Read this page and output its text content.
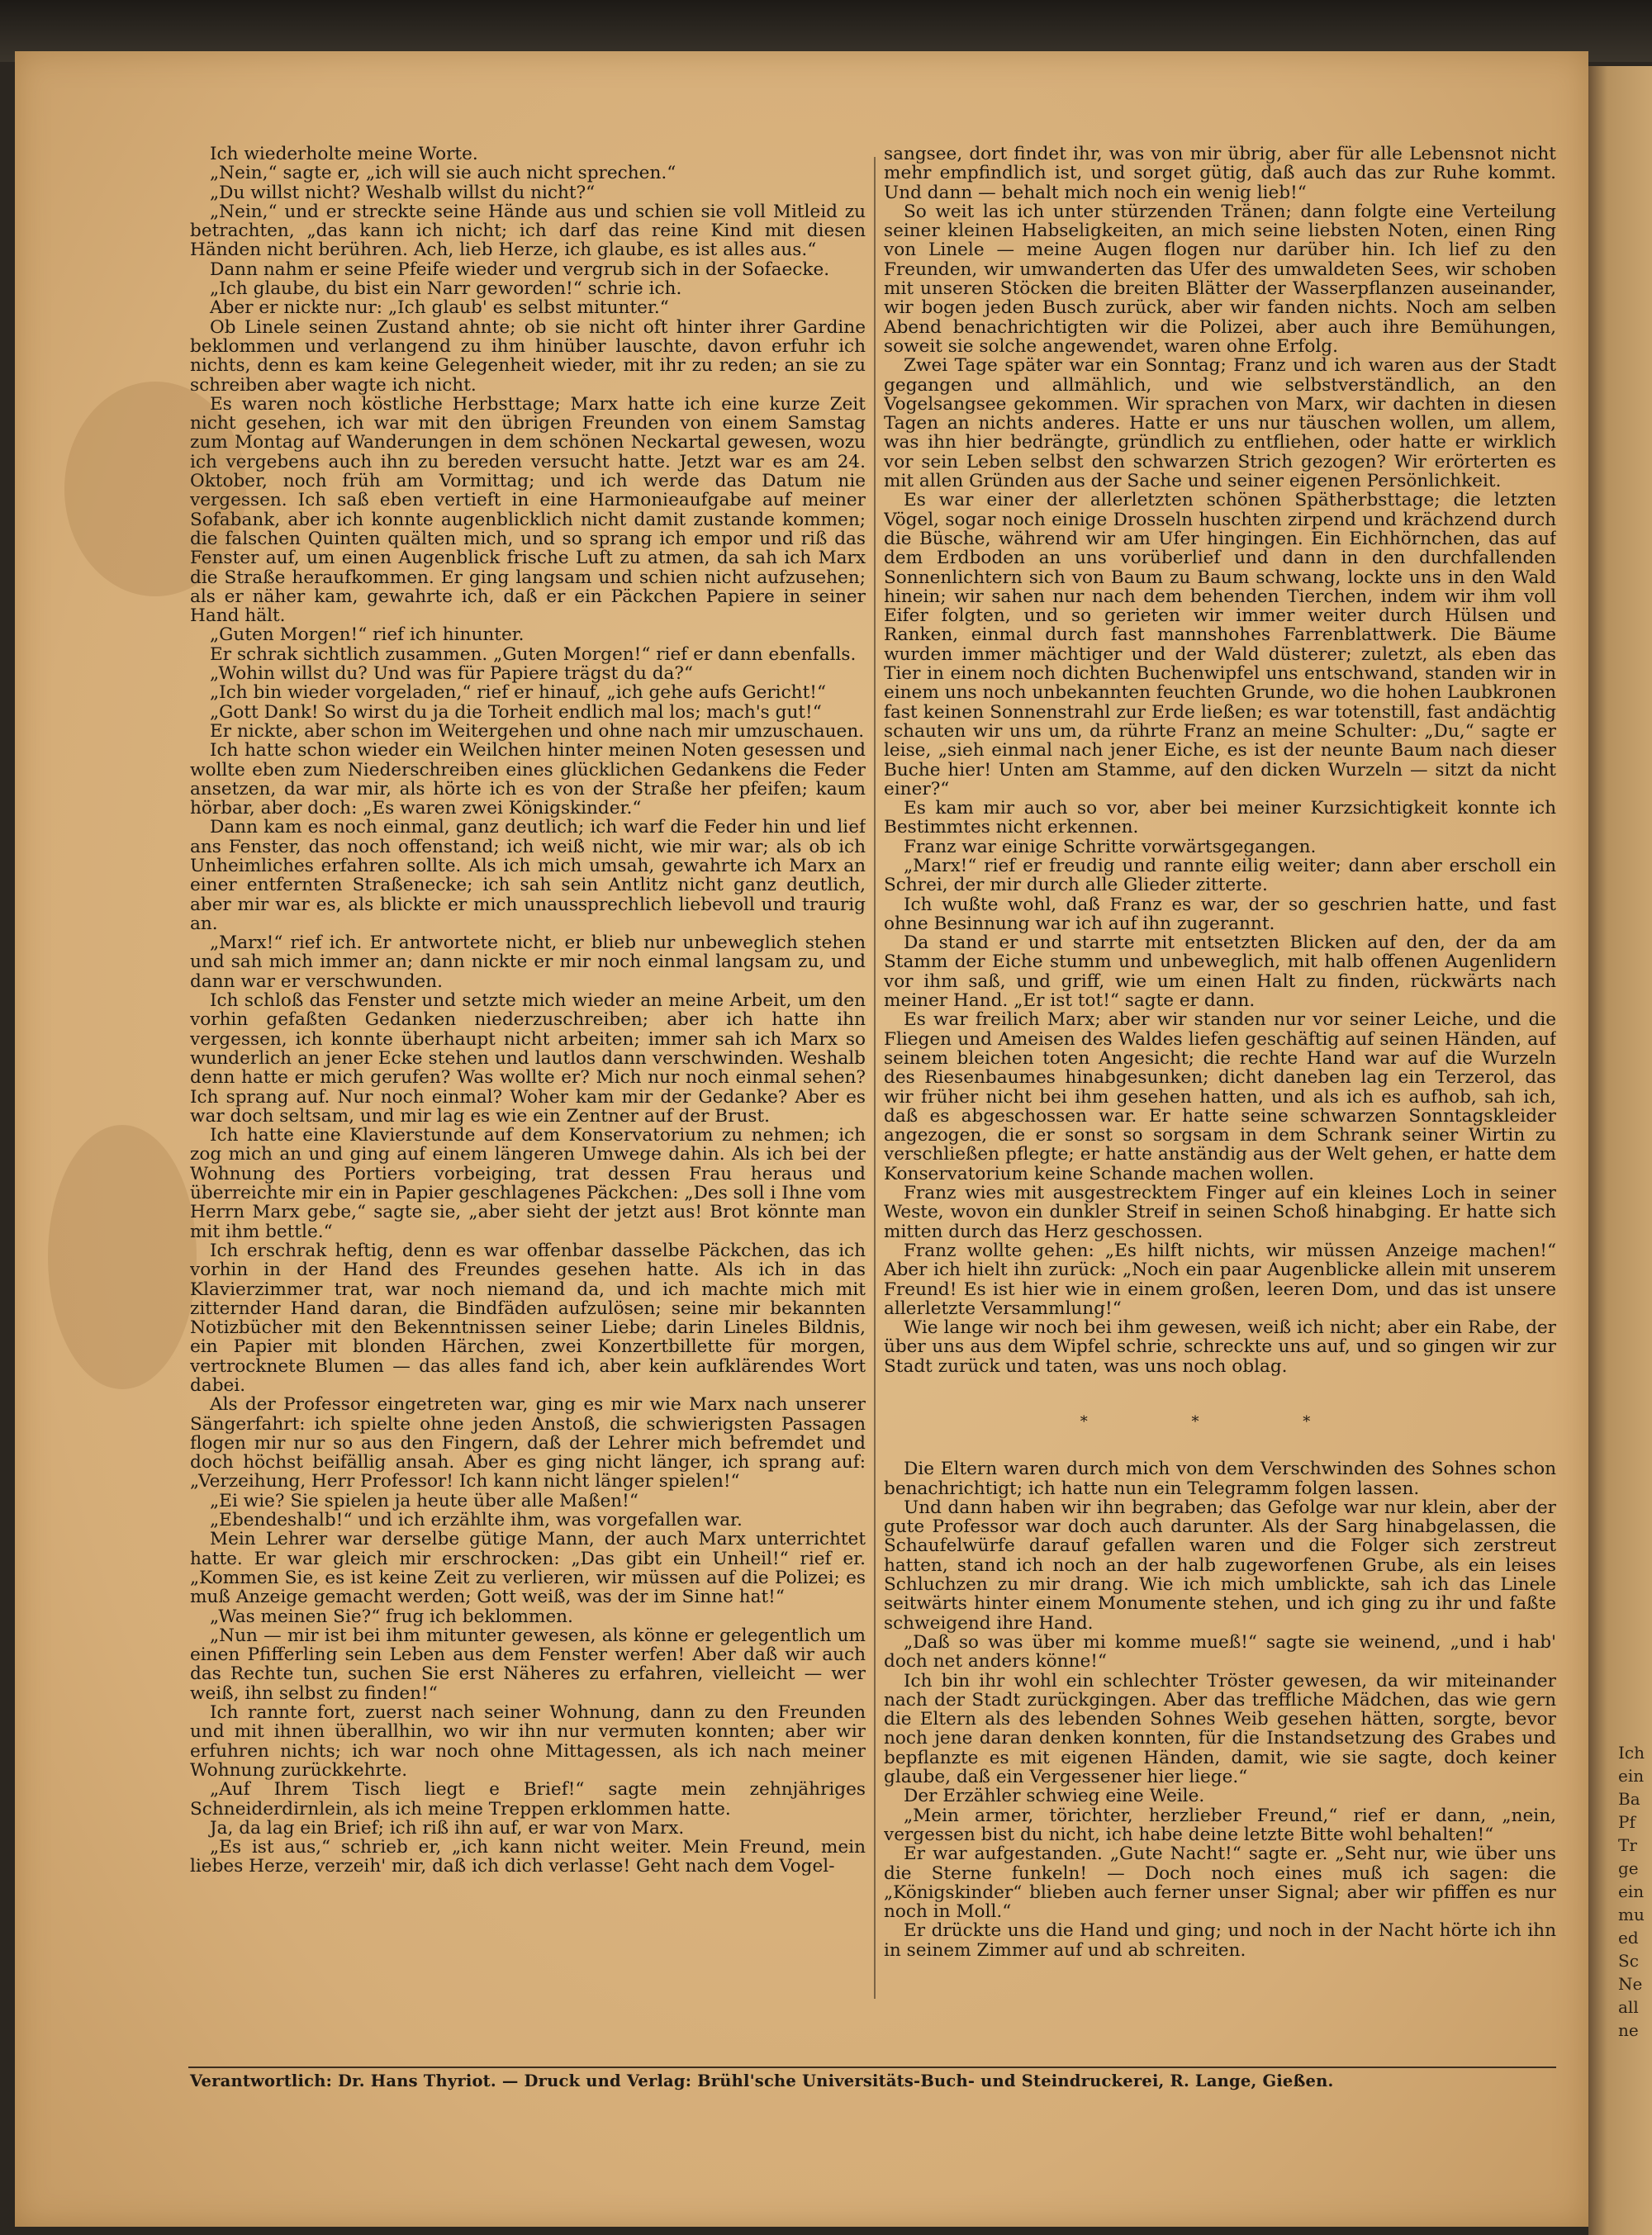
Ich
ein
Ba
Pf
Tr
ge
ein
mu
ed
Sc
Ne
all
ne

Ich wiederholte meine Worte.

„Nein,“ sagte er, „ich will sie auch nicht sprechen.“

„Du willst nicht? Weshalb willst du nicht?“

„Nein,“ und er streckte seine Hände aus und schien sie voll Mitleid zu betrachten, „das kann ich nicht; ich darf das reine Kind mit diesen Händen nicht berühren. Ach, lieb Herze, ich glaube, es ist alles aus.“

Dann nahm er seine Pfeife wieder und vergrub sich in der Sofaecke.

„Ich glaube, du bist ein Narr geworden!“ schrie ich.

Aber er nickte nur: „Ich glaub' es selbst mitunter.“

Ob Linele seinen Zustand ahnte; ob sie nicht oft hinter ihrer Gardine beklommen und verlangend zu ihm hinüber lauschte, davon erfuhr ich nichts, denn es kam keine Gelegenheit wieder, mit ihr zu reden; an sie zu schreiben aber wagte ich nicht.

Es waren noch köstliche Herbsttage; Marx hatte ich eine kurze Zeit nicht gesehen, ich war mit den übrigen Freunden von einem Samstag zum Montag auf Wanderungen in dem schönen Neckartal gewesen, wozu ich vergebens auch ihn zu bereden versucht hatte. Jetzt war es am 24. Oktober, noch früh am Vormittag; und ich werde das Datum nie vergessen. Ich saß eben vertieft in eine Harmonieaufgabe auf meiner Sofabank, aber ich konnte augenblicklich nicht damit zustande kommen; die falschen Quinten quälten mich, und so sprang ich empor und riß das Fenster auf, um einen Augenblick frische Luft zu atmen, da sah ich Marx die Straße heraufkommen. Er ging langsam und schien nicht aufzusehen; als er näher kam, gewahrte ich, daß er ein Päckchen Papiere in seiner Hand hält.

„Guten Morgen!“ rief ich hinunter.

Er schrak sichtlich zusammen. „Guten Morgen!“ rief er dann ebenfalls.

„Wohin willst du? Und was für Papiere trägst du da?“

„Ich bin wieder vorgeladen,“ rief er hinauf, „ich gehe aufs Gericht!“

„Gott Dank! So wirst du ja die Torheit endlich mal los; mach's gut!“

Er nickte, aber schon im Weitergehen und ohne nach mir umzuschauen.

Ich hatte schon wieder ein Weilchen hinter meinen Noten gesessen und wollte eben zum Niederschreiben eines glücklichen Gedankens die Feder ansetzen, da war mir, als hörte ich es von der Straße her pfeifen; kaum hörbar, aber doch: „Es waren zwei Königskinder.“

Dann kam es noch einmal, ganz deutlich; ich warf die Feder hin und lief ans Fenster, das noch offenstand; ich weiß nicht, wie mir war; als ob ich Unheimliches erfahren sollte. Als ich mich umsah, gewahrte ich Marx an einer entfernten Straßenecke; ich sah sein Antlitz nicht ganz deutlich, aber mir war es, als blickte er mich unaussprechlich liebevoll und traurig an.

„Marx!“ rief ich. Er antwortete nicht, er blieb nur unbeweglich stehen und sah mich immer an; dann nickte er mir noch einmal langsam zu, und dann war er verschwunden.

Ich schloß das Fenster und setzte mich wieder an meine Arbeit, um den vorhin gefaßten Gedanken niederzuschreiben; aber ich hatte ihn vergessen, ich konnte überhaupt nicht arbeiten; immer sah ich Marx so wunderlich an jener Ecke stehen und lautlos dann verschwinden. Weshalb denn hatte er mich gerufen? Was wollte er? Mich nur noch einmal sehen? Ich sprang auf. Nur noch einmal? Woher kam mir der Gedanke? Aber es war doch seltsam, und mir lag es wie ein Zentner auf der Brust.

Ich hatte eine Klavierstunde auf dem Konservatorium zu nehmen; ich zog mich an und ging auf einem längeren Umwege dahin. Als ich bei der Wohnung des Portiers vorbeiging, trat dessen Frau heraus und überreichte mir ein in Papier geschlagenes Päckchen: „Des soll i Ihne vom Herrn Marx gebe,“ sagte sie, „aber sieht der jetzt aus! Brot könnte man mit ihm bettle.“

Ich erschrak heftig, denn es war offenbar dasselbe Päckchen, das ich vorhin in der Hand des Freundes gesehen hatte. Als ich in das Klavierzimmer trat, war noch niemand da, und ich machte mich mit zitternder Hand daran, die Bindfäden aufzulösen; seine mir bekannten Notizbücher mit den Bekenntnissen seiner Liebe; darin Lineles Bildnis, ein Papier mit blonden Härchen, zwei Konzertbillette für morgen, vertrocknete Blumen — das alles fand ich, aber kein aufklärendes Wort dabei.

Als der Professor eingetreten war, ging es mir wie Marx nach unserer Sängerfahrt: ich spielte ohne jeden Anstoß, die schwierigsten Passagen flogen mir nur so aus den Fingern, daß der Lehrer mich befremdet und doch höchst beifällig ansah. Aber es ging nicht länger, ich sprang auf: „Verzeihung, Herr Professor! Ich kann nicht länger spielen!“

„Ei wie? Sie spielen ja heute über alle Maßen!“

„Ebendeshalb!“ und ich erzählte ihm, was vorgefallen war.

Mein Lehrer war derselbe gütige Mann, der auch Marx unterrichtet hatte. Er war gleich mir erschrocken: „Das gibt ein Unheil!“ rief er. „Kommen Sie, es ist keine Zeit zu verlieren, wir müssen auf die Polizei; es muß Anzeige gemacht werden; Gott weiß, was der im Sinne hat!“

„Was meinen Sie?“ frug ich beklommen.

„Nun — mir ist bei ihm mitunter gewesen, als könne er gelegentlich um einen Pfifferling sein Leben aus dem Fenster werfen! Aber daß wir auch das Rechte tun, suchen Sie erst Näheres zu erfahren, vielleicht — wer weiß, ihn selbst zu finden!“

Ich rannte fort, zuerst nach seiner Wohnung, dann zu den Freunden und mit ihnen überallhin, wo wir ihn nur vermuten konnten; aber wir erfuhren nichts; ich war noch ohne Mittagessen, als ich nach meiner Wohnung zurückkehrte.

„Auf Ihrem Tisch liegt e Brief!“ sagte mein zehnjähriges Schneiderdirnlein, als ich meine Treppen erklommen hatte.

Ja, da lag ein Brief; ich riß ihn auf, er war von Marx.

„Es ist aus,“ schrieb er, „ich kann nicht weiter. Mein Freund, mein liebes Herze, verzeih' mir, daß ich dich verlasse! Geht nach dem Vogel-

sangsee, dort findet ihr, was von mir übrig, aber für alle Lebensnot nicht mehr empfindlich ist, und sorget gütig, daß auch das zur Ruhe kommt. Und dann — behalt mich noch ein wenig lieb!“

So weit las ich unter stürzenden Tränen; dann folgte eine Verteilung seiner kleinen Habseligkeiten, an mich seine liebsten Noten, einen Ring von Linele — meine Augen flogen nur darüber hin. Ich lief zu den Freunden, wir umwanderten das Ufer des umwaldeten Sees, wir schoben mit unseren Stöcken die breiten Blätter der Wasserpflanzen auseinander, wir bogen jeden Busch zurück, aber wir fanden nichts. Noch am selben Abend benachrichtigten wir die Polizei, aber auch ihre Bemühungen, soweit sie solche angewendet, waren ohne Erfolg.

Zwei Tage später war ein Sonntag; Franz und ich waren aus der Stadt gegangen und allmählich, und wie selbstverständlich, an den Vogelsangsee gekommen. Wir sprachen von Marx, wir dachten in diesen Tagen an nichts anderes. Hatte er uns nur täuschen wollen, um allem, was ihn hier bedrängte, gründlich zu entfliehen, oder hatte er wirklich vor sein Leben selbst den schwarzen Strich gezogen? Wir erörterten es mit allen Gründen aus der Sache und seiner eigenen Persönlichkeit.

Es war einer der allerletzten schönen Spätherbsttage; die letzten Vögel, sogar noch einige Drosseln huschten zirpend und krächzend durch die Büsche, während wir am Ufer hingingen. Ein Eichhörnchen, das auf dem Erdboden an uns vorüberlief und dann in den durchfallenden Sonnenlichtern sich von Baum zu Baum schwang, lockte uns in den Wald hinein; wir sahen nur nach dem behenden Tierchen, indem wir ihm voll Eifer folgten, und so gerieten wir immer weiter durch Hülsen und Ranken, einmal durch fast mannshohes Farrenblattwerk. Die Bäume wurden immer mächtiger und der Wald düsterer; zuletzt, als eben das Tier in einem noch dichten Buchenwipfel uns entschwand, standen wir in einem uns noch unbekannten feuchten Grunde, wo die hohen Laubkronen fast keinen Sonnenstrahl zur Erde ließen; es war totenstill, fast andächtig schauten wir uns um, da rührte Franz an meine Schulter: „Du,“ sagte er leise, „sieh einmal nach jener Eiche, es ist der neunte Baum nach dieser Buche hier! Unten am Stamme, auf den dicken Wurzeln — sitzt da nicht einer?“

Es kam mir auch so vor, aber bei meiner Kurzsichtigkeit konnte ich Bestimmtes nicht erkennen.

Franz war einige Schritte vorwärtsgegangen.

„Marx!“ rief er freudig und rannte eilig weiter; dann aber erscholl ein Schrei, der mir durch alle Glieder zitterte.

Ich wußte wohl, daß Franz es war, der so geschrien hatte, und fast ohne Besinnung war ich auf ihn zugerannt.

Da stand er und starrte mit entsetzten Blicken auf den, der da am Stamm der Eiche stumm und unbeweglich, mit halb offenen Augenlidern vor ihm saß, und griff, wie um einen Halt zu finden, rückwärts nach meiner Hand. „Er ist tot!“ sagte er dann.

Es war freilich Marx; aber wir standen nur vor seiner Leiche, und die Fliegen und Ameisen des Waldes liefen geschäftig auf seinen Händen, auf seinem bleichen toten Angesicht; die rechte Hand war auf die Wurzeln des Riesenbaumes hinabgesunken; dicht daneben lag ein Terzerol, das wir früher nicht bei ihm gesehen hatten, und als ich es aufhob, sah ich, daß es abgeschossen war. Er hatte seine schwarzen Sonntagskleider angezogen, die er sonst so sorgsam in dem Schrank seiner Wirtin zu verschließen pflegte; er hatte anständig aus der Welt gehen, er hatte dem Konservatorium keine Schande machen wollen.

Franz wies mit ausgestrecktem Finger auf ein kleines Loch in seiner Weste, wovon ein dunkler Streif in seinen Schoß hinabging. Er hatte sich mitten durch das Herz geschossen.

Franz wollte gehen: „Es hilft nichts, wir müssen Anzeige machen!“ Aber ich hielt ihn zurück: „Noch ein paar Augenblicke allein mit unserem Freund! Es ist hier wie in einem großen, leeren Dom, und das ist unsere allerletzte Versammlung!“

Wie lange wir noch bei ihm gewesen, weiß ich nicht; aber ein Rabe, der über uns aus dem Wipfel schrie, schreckte uns auf, und so gingen wir zur Stadt zurück und taten, was uns noch oblag.

* * *

Die Eltern waren durch mich von dem Verschwinden des Sohnes schon benachrichtigt; ich hatte nun ein Telegramm folgen lassen.

Und dann haben wir ihn begraben; das Gefolge war nur klein, aber der gute Professor war doch auch darunter. Als der Sarg hinabgelassen, die Schaufelwürfe darauf gefallen waren und die Folger sich zerstreut hatten, stand ich noch an der halb zugeworfenen Grube, als ein leises Schluchzen zu mir drang. Wie ich mich umblickte, sah ich das Linele seitwärts hinter einem Monumente stehen, und ich ging zu ihr und faßte schweigend ihre Hand.

„Daß so was über mi komme mueß!“ sagte sie weinend, „und i hab' doch net anders könne!“

Ich bin ihr wohl ein schlechter Tröster gewesen, da wir miteinander nach der Stadt zurückgingen. Aber das treffliche Mädchen, das wie gern die Eltern als des lebenden Sohnes Weib gesehen hätten, sorgte, bevor noch jene daran denken konnten, für die Instandsetzung des Grabes und bepflanzte es mit eigenen Händen, damit, wie sie sagte, doch keiner glaube, daß ein Vergessener hier liege.“

Der Erzähler schwieg eine Weile.

„Mein armer, törichter, herzlieber Freund,“ rief er dann, „nein, vergessen bist du nicht, ich habe deine letzte Bitte wohl behalten!“

Er war aufgestanden. „Gute Nacht!“ sagte er. „Seht nur, wie über uns die Sterne funkeln! — Doch noch eines muß ich sagen: die „Königskinder“ blieben auch ferner unser Signal; aber wir pfiffen es nur noch in Moll.“

Er drückte uns die Hand und ging; und noch in der Nacht hörte ich ihn in seinem Zimmer auf und ab schreiten.

Verantwortlich: Dr. Hans Thyriot. — Druck und Verlag: Brühl'sche Universitäts-Buch- und Steindruckerei, R. Lange, Gießen.
